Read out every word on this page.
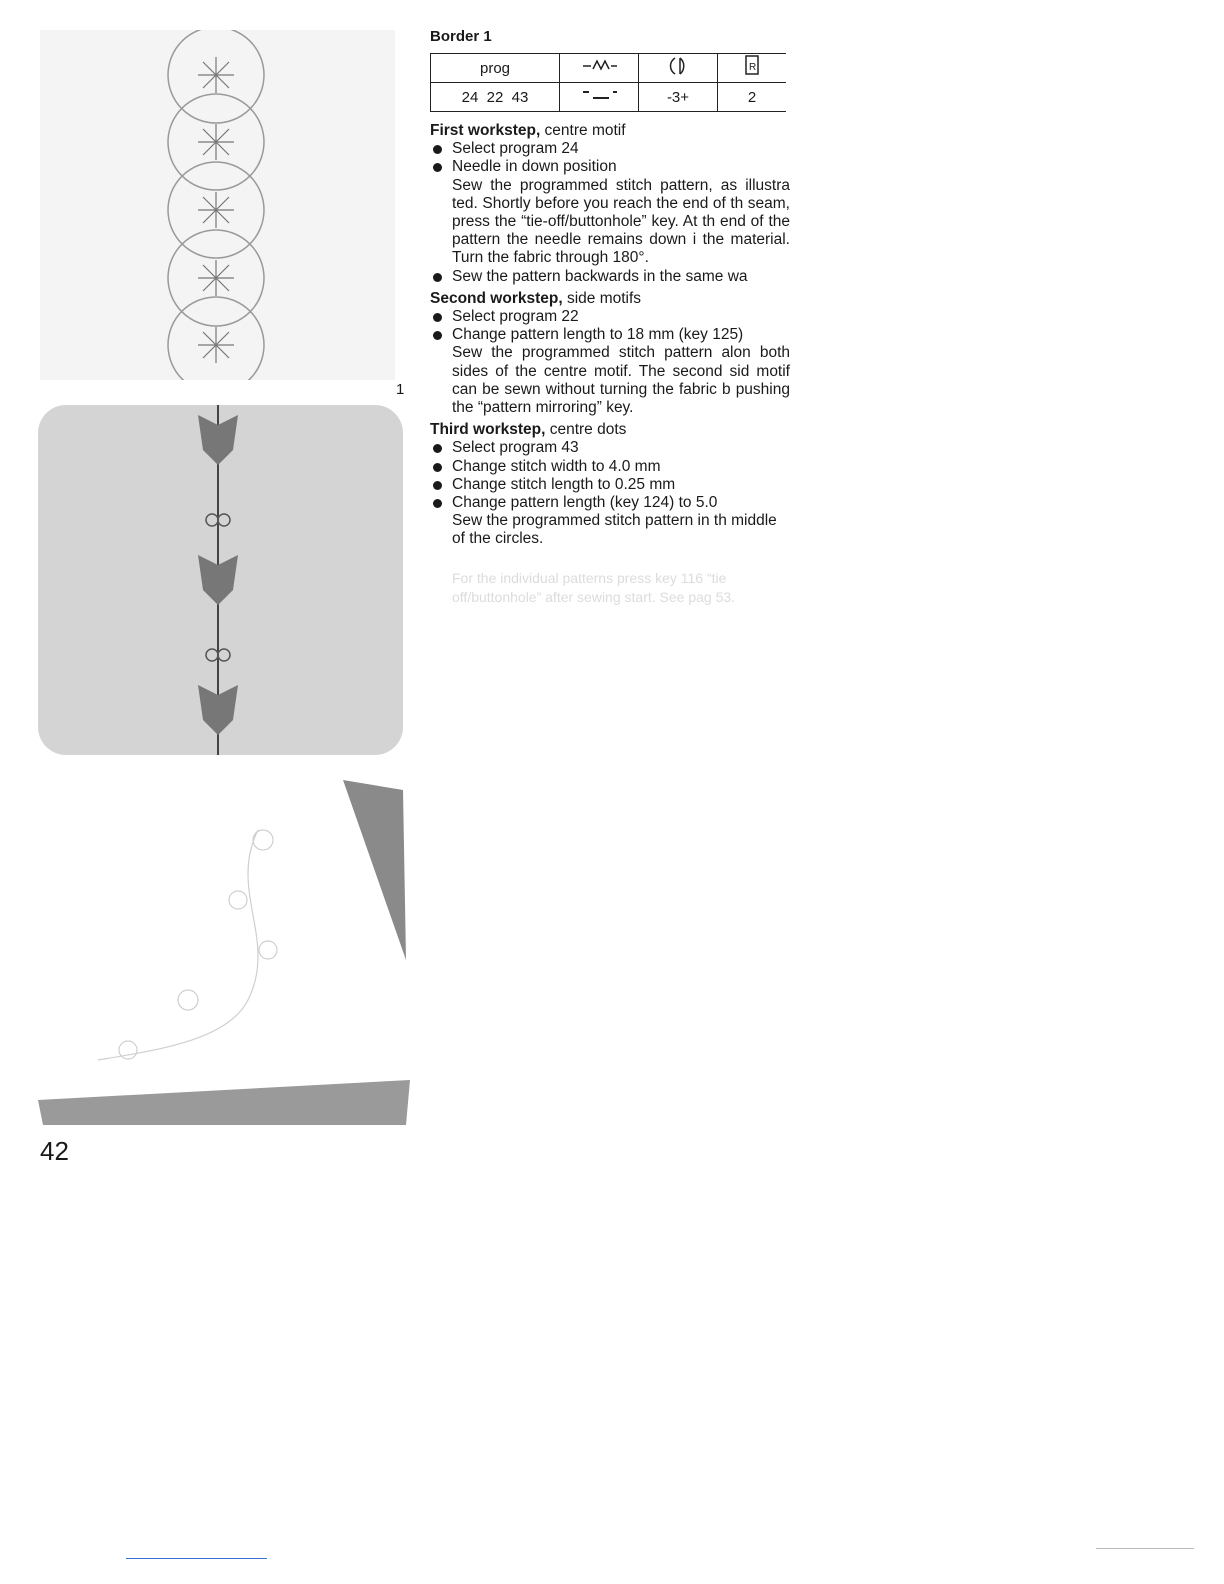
1
42
Border 1
prog			R

24  22  43		-3+	2
First workstep, centre motif
Select program 24
Needle in down position
Sew the programmed stitch pattern, as illustra ted. Shortly before you reach the end of th seam, press the “tie-off/buttonhole” key. At th end of the pattern the needle remains down i the material. Turn the fabric through 180°.
Sew the pattern backwards in the same wa
Second workstep, side motifs
Select program 22
Change pattern length to 18 mm (key 125)
Sew the programmed stitch pattern alon both sides of the centre motif. The second sid motif can be sewn without turning the fabric b pushing the “pattern mirroring” key.
Third workstep, centre dots
Select program 43
Change stitch width to 4.0 mm
Change stitch length to 0.25 mm
Change pattern length (key 124) to 5.0
Sew the programmed stitch pattern in th middle of the circles.
For the individual patterns press key 116 “tie off/buttonhole” after sewing start. See pag 53.
